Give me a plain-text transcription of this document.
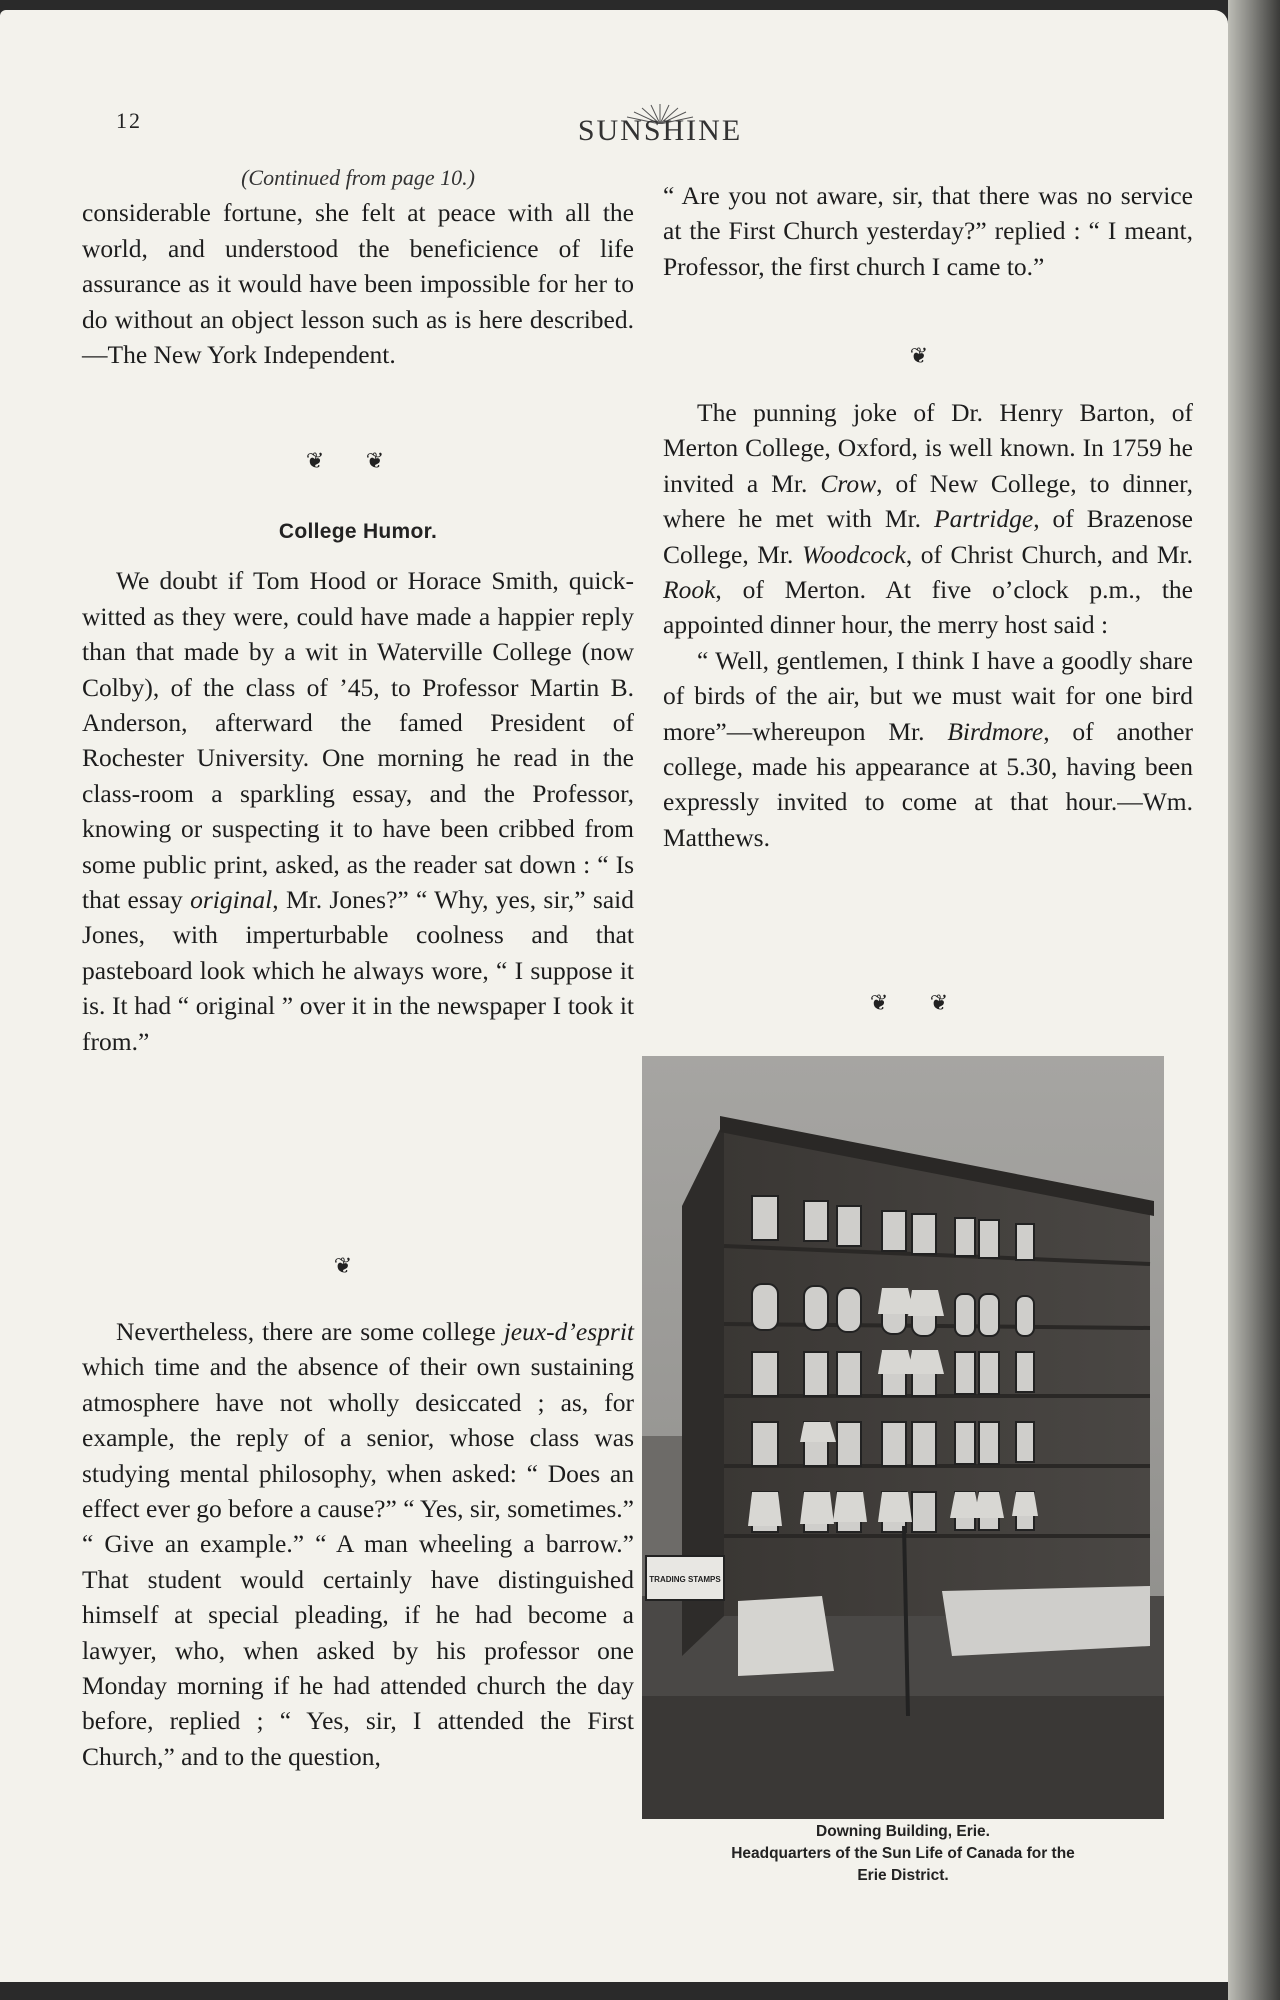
12	SUNSHINE
(Continued from page 10.)

considerable fortune, she felt at peace with all the world, and understood the beneficience of life assurance as it would have been impossible for her to do without an object lesson such as is here described.—The New York Independent.

❦ ❦
College Humor.

We doubt if Tom Hood or Horace Smith, quick-witted as they were, could have made a happier reply than that made by a wit in Waterville College (now Colby), of the class of ’45, to Professor Martin B. Anderson, afterward the famed President of Rochester University. One morning he read in the class-room a sparkling essay, and the Professor, knowing or suspecting it to have been cribbed from some public print, asked, as the reader sat down : “ Is that essay original, Mr. Jones?” “ Why, yes, sir,” said Jones, with imperturbable coolness and that pasteboard look which he always wore, “ I suppose it is. It had “ original ” over it in the newspaper I took it from.”

❦

Nevertheless, there are some college jeux-d’esprit which time and the absence of their own sustaining atmosphere have not wholly desiccated ; as, for example, the reply of a senior, whose class was studying mental philosophy, when asked: “ Does an effect ever go before a cause?” “ Yes, sir, sometimes.” “ Give an example.” “ A man wheeling a barrow.” That student would certainly have distinguished himself at special pleading, if he had become a lawyer, who, when asked by his professor one Monday morning if he had attended church the day before, replied ; “ Yes, sir, I attended the First Church,” and to the question,

“ Are you not aware, sir, that there was no service at the First Church yesterday?” replied : “ I meant, Professor, the first church I came to.”

❦

The punning joke of Dr. Henry Barton, of Merton College, Oxford, is well known. In 1759 he invited a Mr. Crow, of New College, to dinner, where he met with Mr. Partridge, of Brazenose College, Mr. Woodcock, of Christ Church, and Mr. Rook, of Merton. At five o’clock p.m., the appointed dinner hour, the merry host said :

“ Well, gentlemen, I think I have a goodly share of birds of the air, but we must wait for one bird more”—whereupon Mr. Birdmore, of another college, made his appearance at 5.30, having been expressly invited to come at that hour.—Wm. Matthews.

❦ ❦
TRADING STAMPS
Downing Building, Erie.
Headquarters of the Sun Life of Canada for the
Erie District.
